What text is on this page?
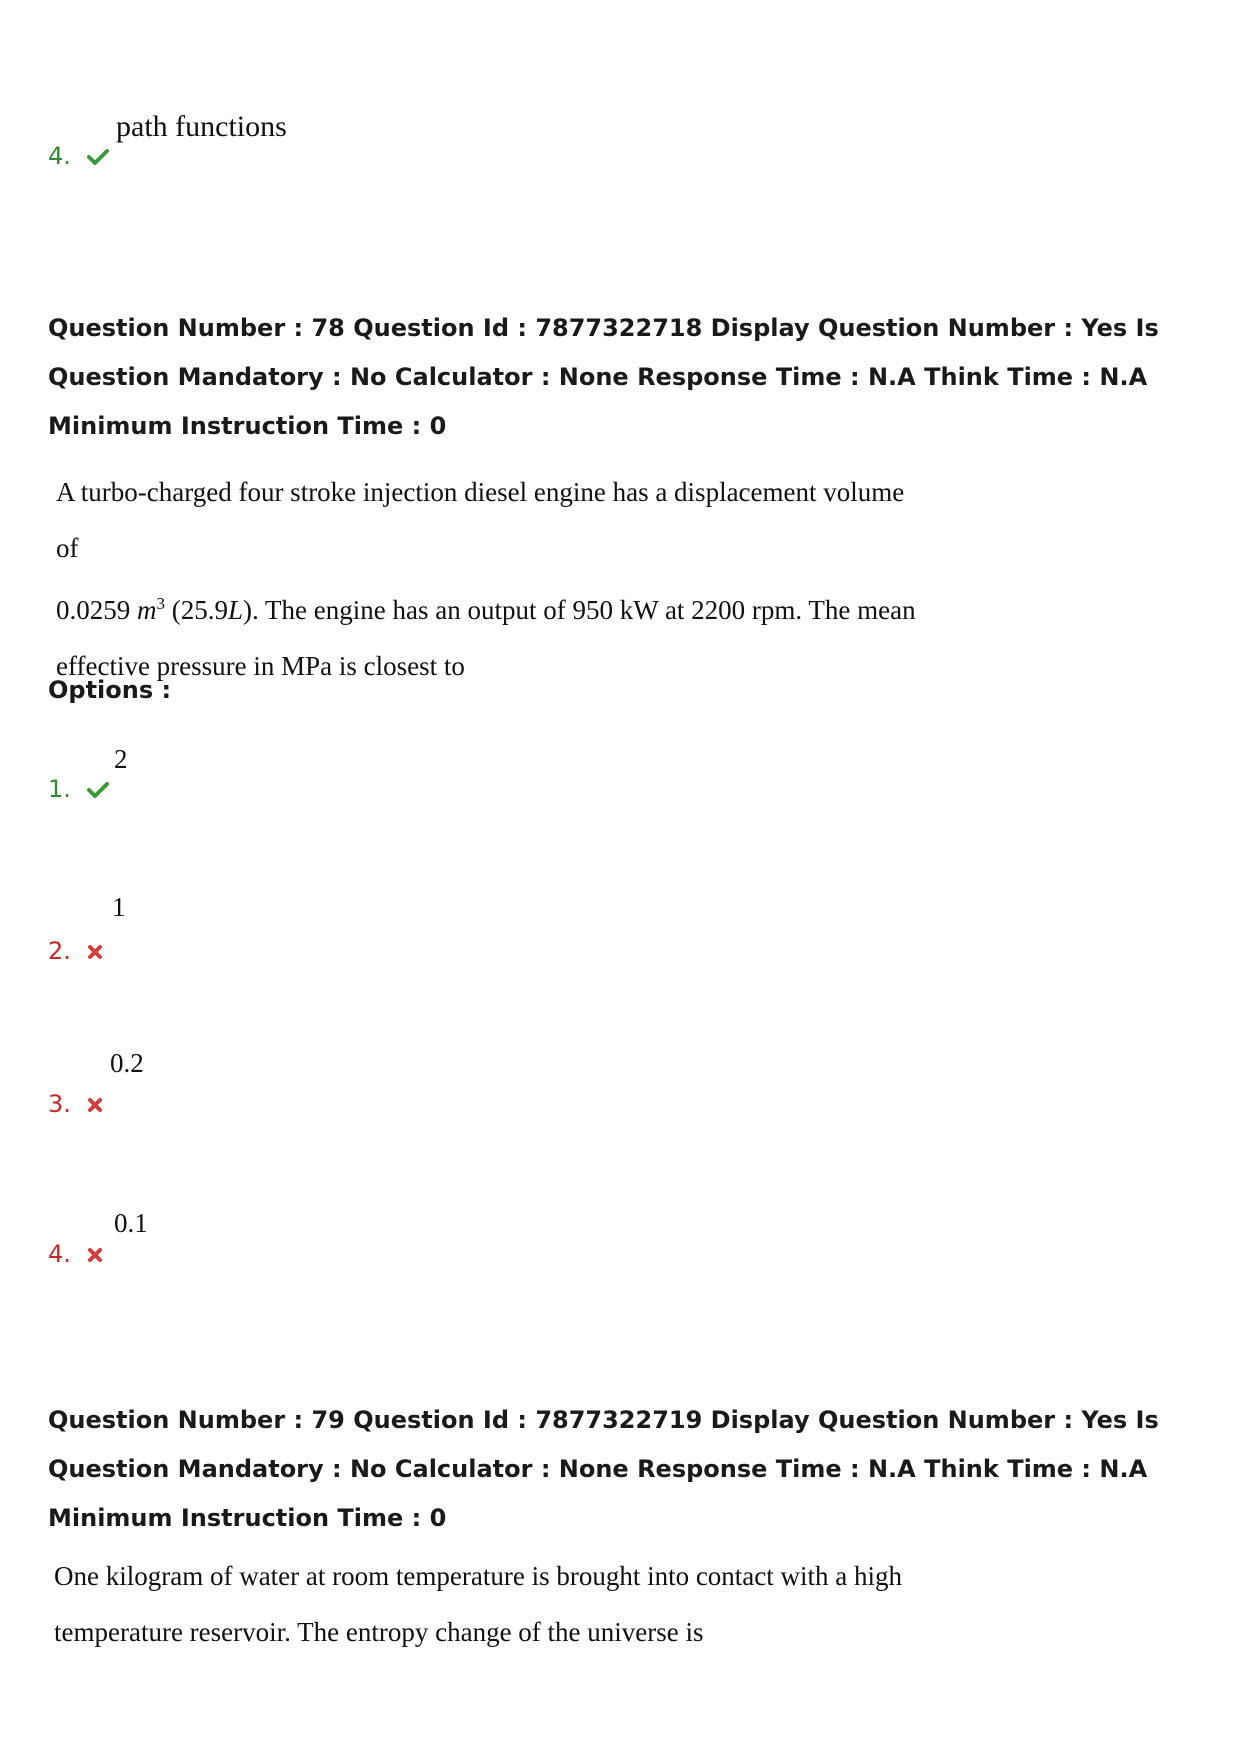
4.
path functions
Question Number : 78 Question Id : 7877322718 Display Question Number : Yes Is Question Mandatory : No Calculator : None Response Time : N.A Think Time : N.A Minimum Instruction Time : 0
A turbo-charged four stroke injection diesel engine has a displacement volume of
0.0259 $m^3$ (25.9L). The engine has an output of 950 kW at 2200 rpm. The mean
effective pressure in MPa is closest to
Options :
1.
2
2.
1
3.
0.2
4.
0.1
Question Number : 79 Question Id : 7877322719 Display Question Number : Yes Is Question Mandatory : No Calculator : None Response Time : N.A Think Time : N.A Minimum Instruction Time : 0
One kilogram of water at room temperature is brought into contact with a high
temperature reservoir. The entropy change of the universe is
